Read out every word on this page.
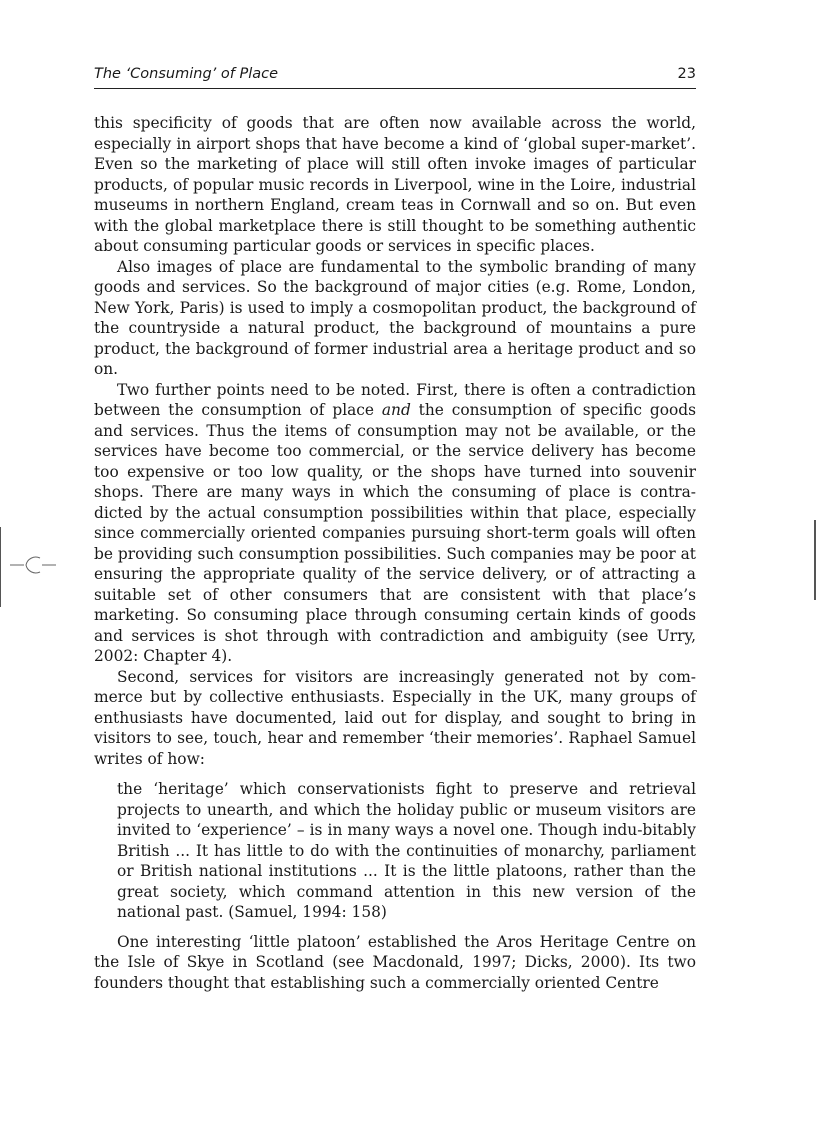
The ‘Consuming’ of Place	23

this specificity of goods that are often now available across the world, especially in airport shops that have become a kind of ‘global super-market’. Even so the marketing of place will still often invoke images of particular products, of popular music records in Liverpool, wine in the Loire, industrial museums in northern England, cream teas in Cornwall and so on. But even with the global marketplace there is still thought to be something authentic about consuming particular goods or services in specific places.

Also images of place are fundamental to the symbolic branding of many goods and services. So the background of major cities (e.g. Rome, London, New York, Paris) is used to imply a cosmopolitan product, the background of the countryside a natural product, the background of mountains a pure product, the background of former industrial area a heritage product and so on.

Two further points need to be noted. First, there is often a contradiction between the consumption of place and the consumption of specific goods and services. Thus the items of consumption may not be available, or the services have become too commercial, or the service delivery has become too expensive or too low quality, or the shops have turned into souvenir shops. There are many ways in which the consuming of place is contra-dicted by the actual consumption possibilities within that place, especially since commercially oriented companies pursuing short-term goals will often be providing such consumption possibilities. Such companies may be poor at ensuring the appropriate quality of the service delivery, or of attracting a suitable set of other consumers that are consistent with that place’s marketing. So consuming place through consuming certain kinds of goods and services is shot through with contradiction and ambiguity (see Urry, 2002: Chapter 4).

Second, services for visitors are increasingly generated not by com-merce but by collective enthusiasts. Especially in the UK, many groups of enthusiasts have documented, laid out for display, and sought to bring in visitors to see, touch, hear and remember ‘their memories’. Raphael Samuel writes of how:

the ‘heritage’ which conservationists fight to preserve and retrieval projects to unearth, and which the holiday public or museum visitors are invited to ‘experience’ – is in many ways a novel one. Though indu-bitably British ... It has little to do with the continuities of monarchy, parliament or British national institutions ... It is the little platoons, rather than the great society, which command attention in this new version of the national past. (Samuel, 1994: 158)

One interesting ‘little platoon’ established the Aros Heritage Centre on the Isle of Skye in Scotland (see Macdonald, 1997; Dicks, 2000). Its two founders thought that establishing such a commercially oriented Centre
